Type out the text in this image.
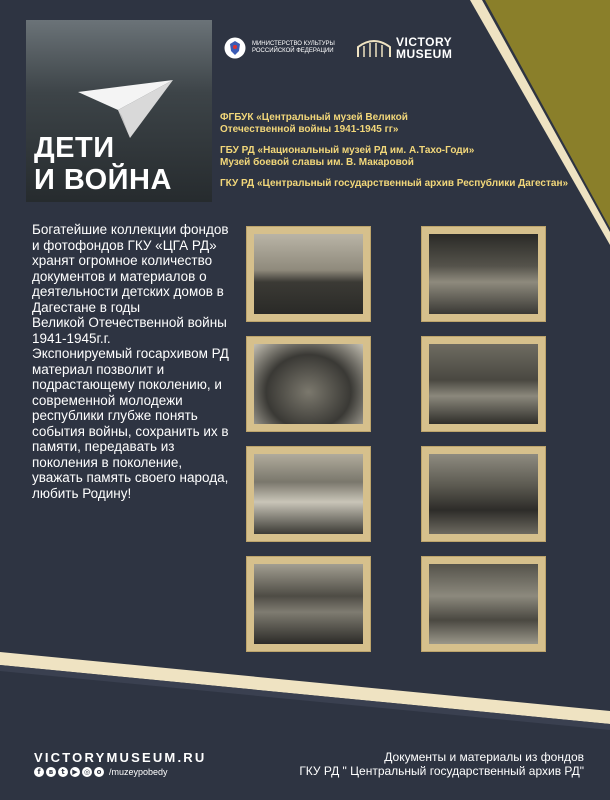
ДЕТИ
И ВОЙНА
МИНИСТЕРСТВО КУЛЬТУРЫ РОССИЙСКОЙ ФЕДЕРАЦИИ
VICTORY
MUSEUM

ФГБУК «Центральный музей Великой Отечественной войны 1941-1945 гг»

ГБУ РД «Национальный музей РД им. А.Тахо-Годи» Музей боевой славы им. В. Макаровой

ГКУ РД «Центральный государственный архив Республики Дагестан»

Богатейшие коллекции фондов и фотофондов ГКУ «ЦГА РД» хранят огромное количество документов и материалов о деятельности детских домов в Дагестане в годы
Великой Отечественной войны 1941-1945г.г.
Экспонируемый госархивом РД материал позволит и подрастающему поколению, и современной молодежи республики глубже понять события войны, сохранить их в памяти, передавать из поколения в поколение, уважать память своего народа, любить Родину!
VICTORYMUSEUM.RU
f	в	t	▶ ◎ о /muzeypobedy
Документы и материалы из фондов
ГКУ РД " Центральный государственный архив РД"
